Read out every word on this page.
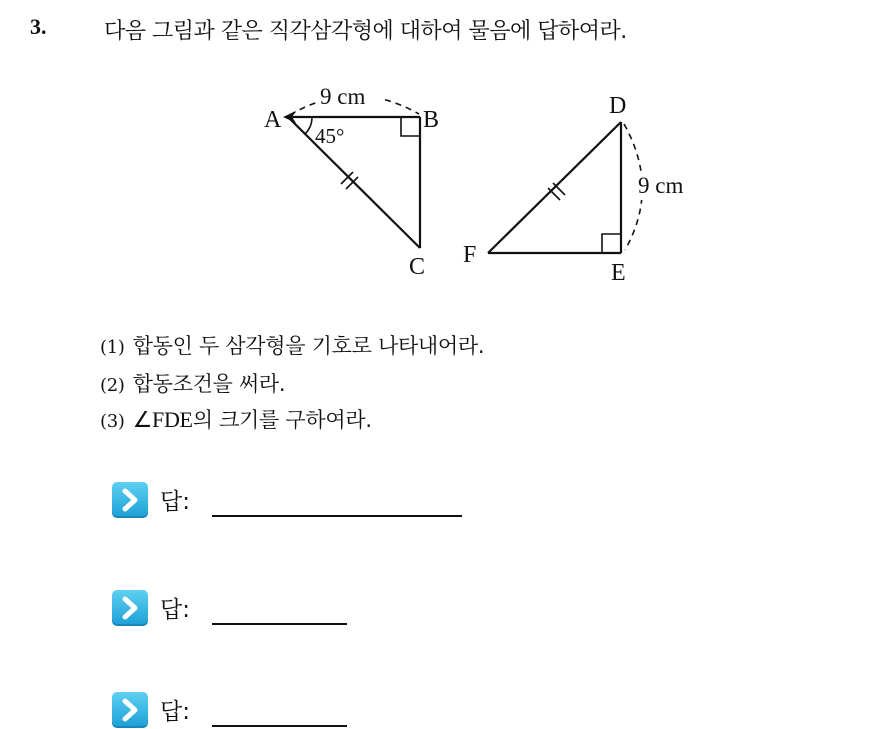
3.	다음 그림과 같은 직각삼각형에 대하여 물음에 답하여라.
A	B
C
9 cm
45°
D
E
F
9 cm
(1) 합동인 두 삼각형을 기호로 나타내어라.
(2) 합동조건을 써라.
(3) ∠FDE의 크기를 구하여라.
답:
답:
답:
